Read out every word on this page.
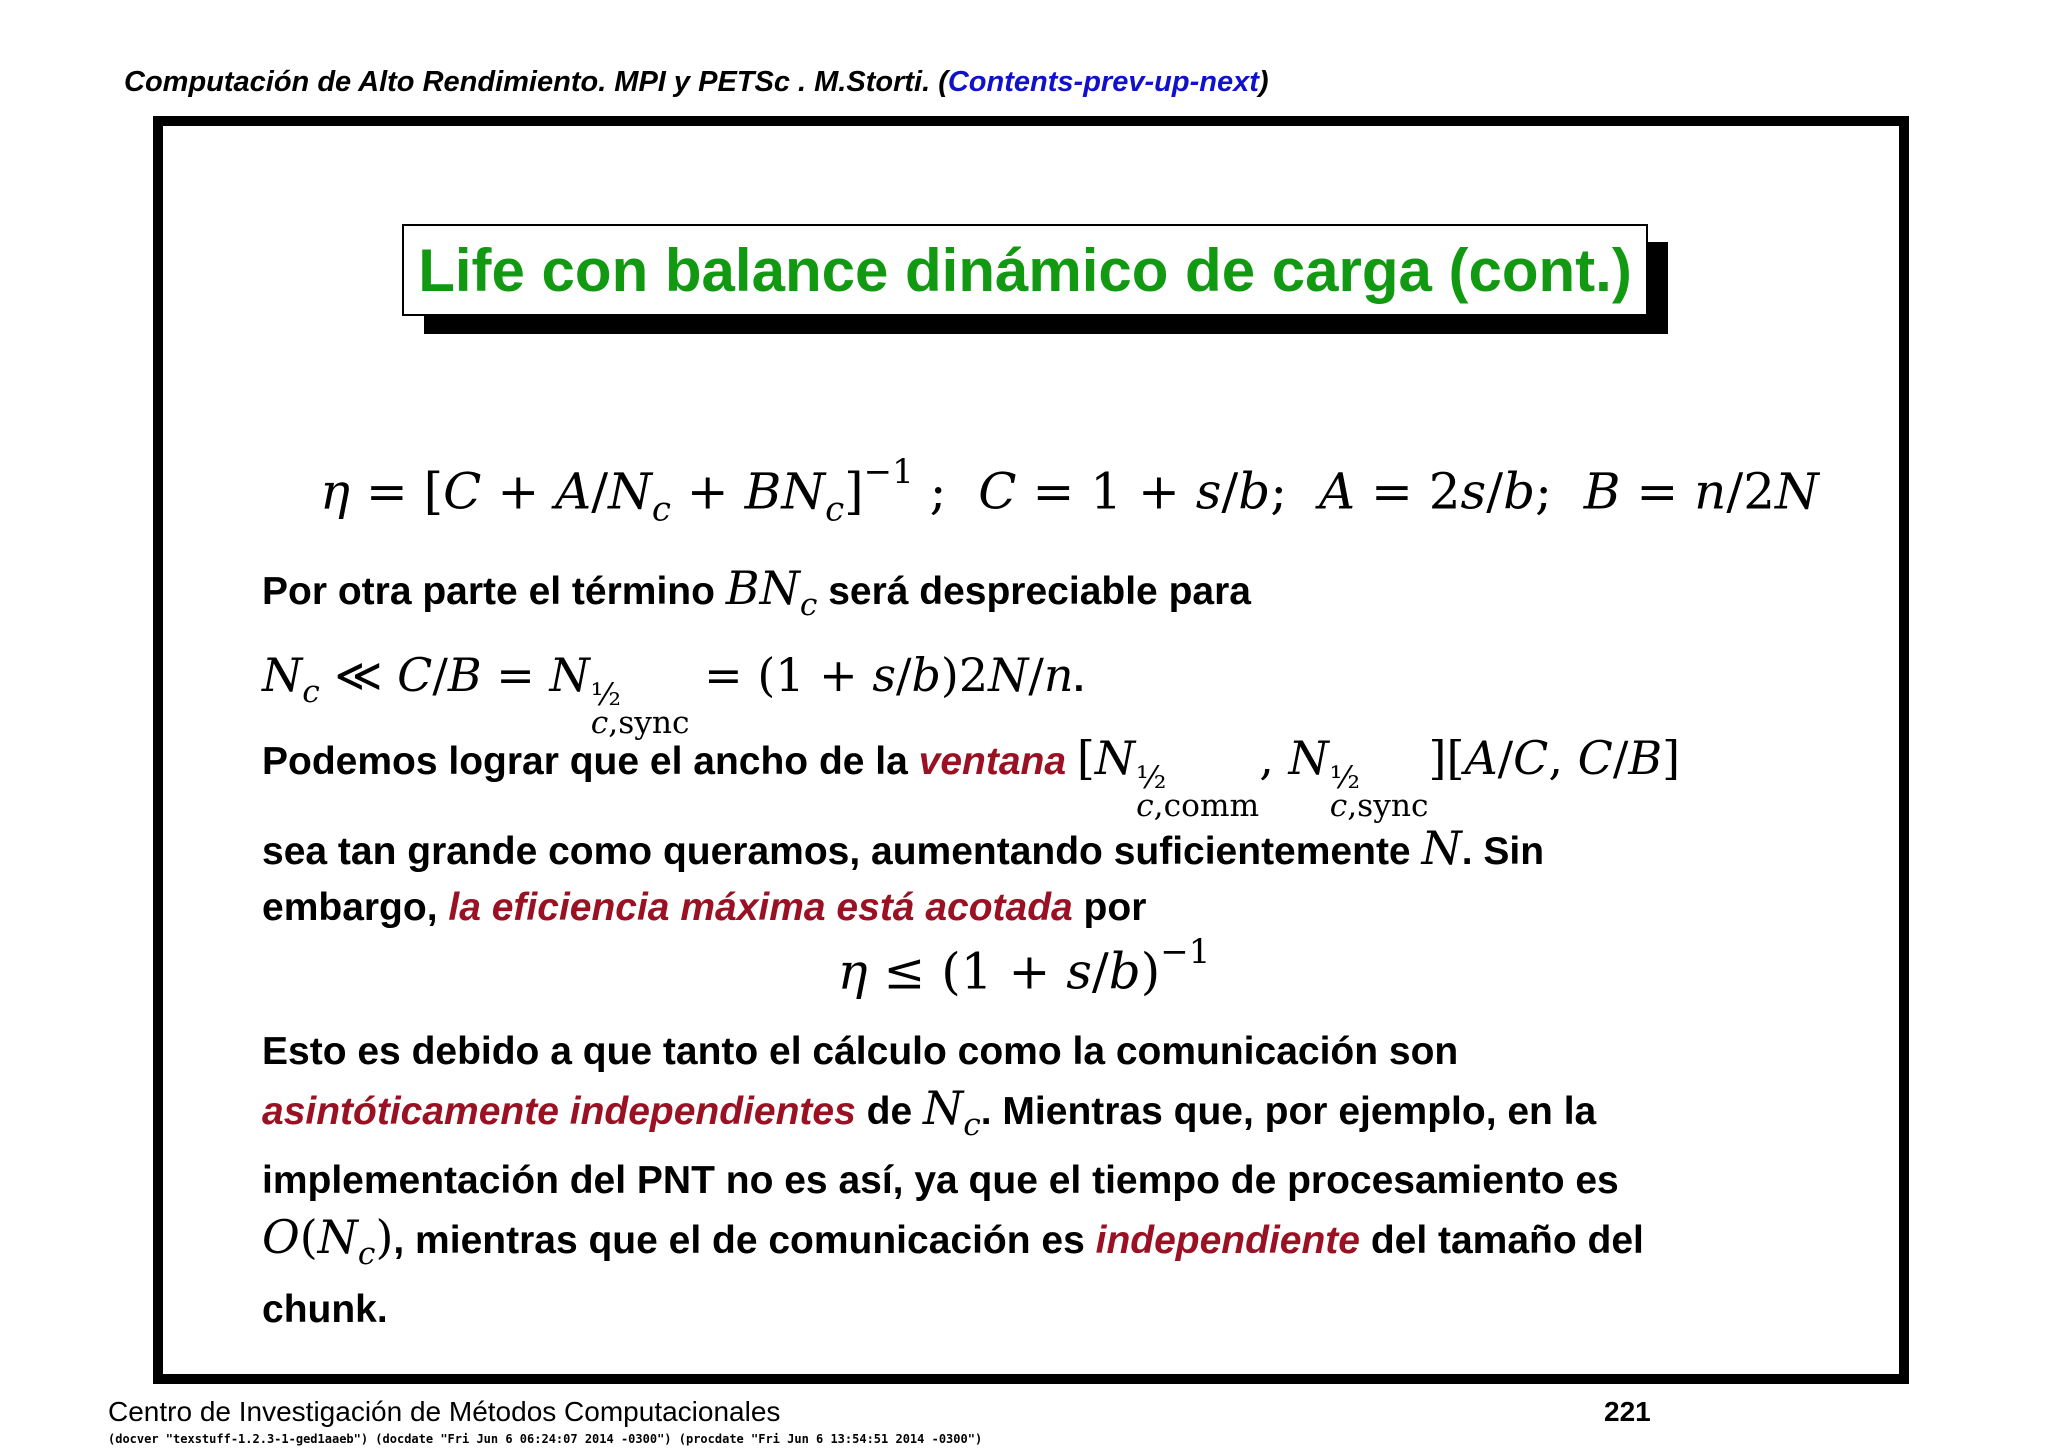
Computación de Alto Rendimiento. MPI y PETSc . M.Storti. (Contents-prev-up-next)
Life con balance dinámico de carga (cont.)
$\eta = [C + A/N_c + BN_c]^{-1}$ ;  C = 1 + s/b;  A = 2s/b;  B = n/2N
Por otra parte el término $BN_c$ será despreciable para
$N_c$ ≪ C/B = N ½
c,sync
= (1 + s/b)2N/n.
Podemos lograr que el ancho de la ventana [N ½
c,comm
, N ½
c,sync
][A/C, C/B]
sea tan grande como queramos, aumentando suficientemente N. Sin
embargo, la eficiencia máxima está acotada por
$\eta \le (1 + s/b)^{-1}$
Esto es debido a que tanto el cálculo como la comunicación son
asintóticamente independientes de $N_c$. Mientras que, por ejemplo, en la
implementación del PNT no es así, ya que el tiempo de procesamiento es
$O(N_c)$, mientras que el de comunicación es independiente del tamaño del
chunk.
Centro de Investigación de Métodos Computacionales	221
(docver "texstuff-1.2.3-1-ged1aaeb") (docdate "Fri Jun 6 06:24:07 2014 -0300") (procdate "Fri Jun 6 13:54:51 2014 -0300")
